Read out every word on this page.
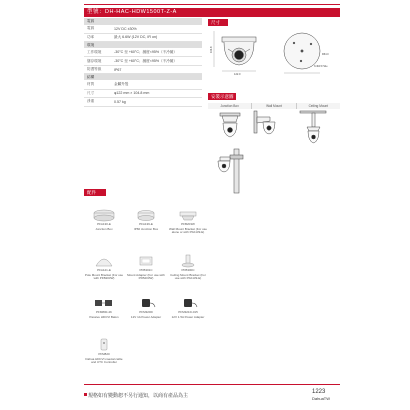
型號：DH-HAC-HDW1500T-Z-A
電源	
電源	12V DC ±30%
功率	最大 6.6W (12V DC, IR on)
環境	
工作環境	-30°C 至 +60°C；濕度<95%（不冷凝）
儲存環境	-30°C 至 +60°C；濕度<95%（不冷凝）
防護等級	IP67
結構	
材質	金屬外殼
尺寸	φ122 mm × 104.8 mm
淨重	0.57 kg
尺寸
104.8
122.0
Φ64.0
3×Φ4.5 Hole
安裝示意圖
Junction Box	Wall Mount	Ceiling Mount
配件
PFA130-E
Junction Box
PFA139-E
IP66 Junction Box
PFB203W
Wall Mount Bracket (For use alone or with PFA139-E)
PFA121-E
Pole Mount Bracket (For use with PFB203W)
PFB301C
Mount Adapter (For use with PFB203W)
PFB300C
Ceiling Mount Bracket (For use with PFA139-E)
PFM800-4K
Passive HDCVI Balun
PFM320D
12V 1A Power Adapter
PFM321D-015
12V 1.5A Power Adapter
PFM820
Dahua HDCVI coaxial cable and UTC Controller
規格如有變動恕不另行通知，以商有產品為主
1223
DahuaTW
